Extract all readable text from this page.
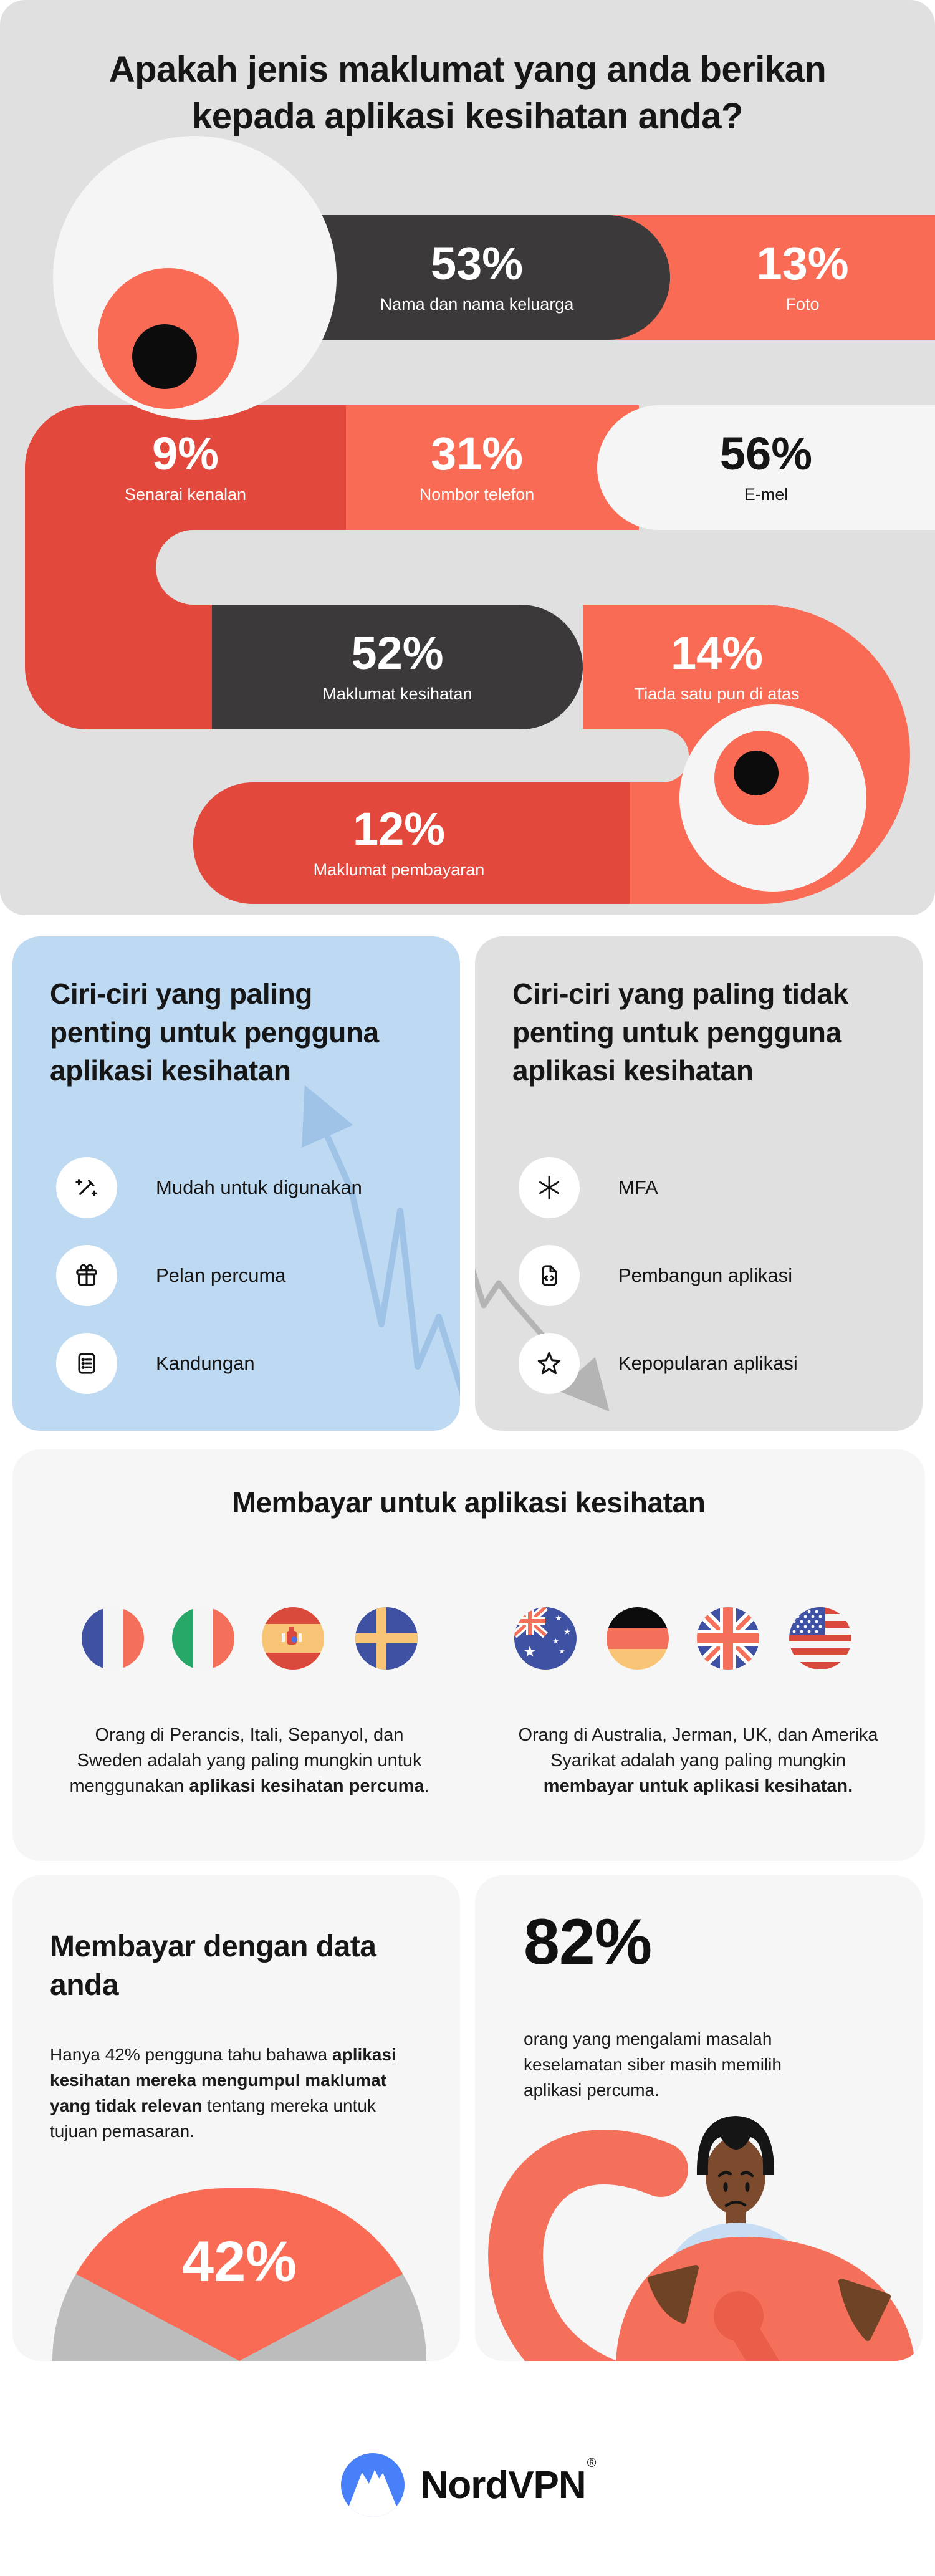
Apakah jenis maklumat yang anda berikan kepada aplikasi kesihatan anda?
53%
Nama dan nama keluarga
13%
Foto
9%
Senarai kenalan
31%
Nombor telefon
56%
E-mel
52%
Maklumat kesihatan
14%
Tiada satu pun di atas
12%
Maklumat pembayaran
Ciri-ciri yang paling penting untuk pengguna aplikasi kesihatan
Mudah untuk digunakan
Pelan percuma
Kandungan
Ciri-ciri yang paling tidak penting untuk pengguna aplikasi kesihatan
MFA
Pembangun aplikasi
Kepopularan aplikasi
Membayar untuk aplikasi kesihatan
Orang di Perancis, Itali, Sepanyol, dan Sweden adalah yang paling mungkin untuk menggunakan aplikasi kesihatan percuma.
Orang di Australia, Jerman, UK, dan Amerika Syarikat adalah yang paling mungkin membayar untuk aplikasi kesihatan.
Membayar dengan data anda
Hanya 42% pengguna tahu bahawa aplikasi kesihatan mereka mengumpul maklumat yang tidak relevan tentang mereka untuk tujuan pemasaran.
42%
82%
orang yang mengalami masalah keselamatan siber masih memilih aplikasi percuma.
NordVPN®
